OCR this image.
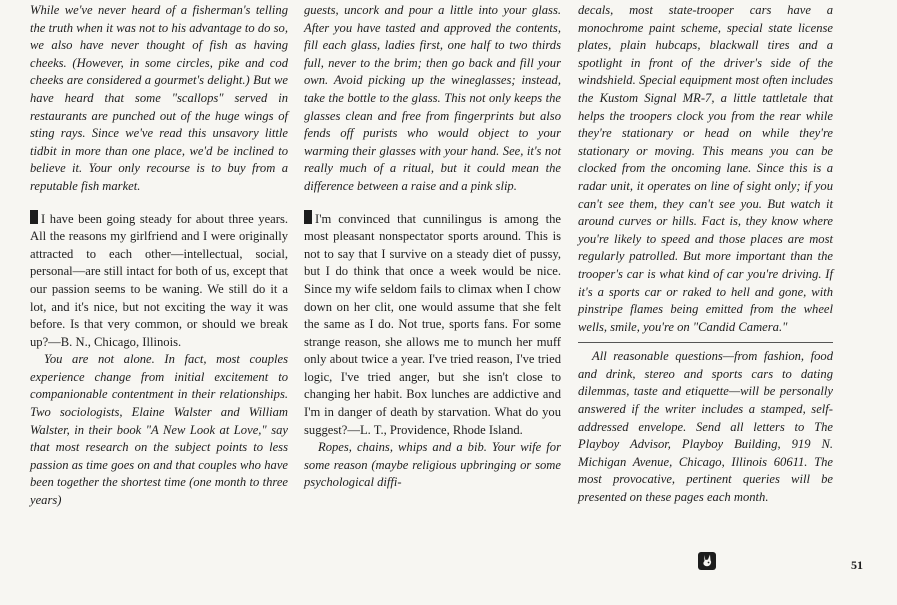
While we've never heard of a fisherman's telling the truth when it was not to his advantage to do so, we also have never thought of fish as having cheeks. (However, in some circles, pike and cod cheeks are considered a gourmet's delight.) But we have heard that some "scallops" served in restaurants are punched out of the huge wings of sting rays. Since we've read this unsavory little tidbit in more than one place, we'd be inclined to believe it. Your only recourse is to buy from a reputable fish market.

I have been going steady for about three years. All the reasons my girlfriend and I were originally attracted to each other—intellectual, social, personal—are still intact for both of us, except that our passion seems to be waning. We still do it a lot, and it's nice, but not exciting the way it was before. Is that very common, or should we break up?—B. N., Chicago, Illinois.

You are not alone. In fact, most couples experience change from initial excitement to companionable contentment in their relationships. Two sociologists, Elaine Walster and William Walster, in their book "A New Look at Love," say that most research on the subject points to less passion as time goes on and that couples who have been together the shortest time (one month to three years)

guests, uncork and pour a little into your glass. After you have tasted and approved the contents, fill each glass, ladies first, one half to two thirds full, never to the brim; then go back and fill your own. Avoid picking up the wineglasses; instead, take the bottle to the glass. This not only keeps the glasses clean and free from fingerprints but also fends off purists who would object to your warming their glasses with your hand. See, it's not really much of a ritual, but it could mean the difference between a raise and a pink slip.

I'm convinced that cunnilingus is among the most pleasant nonspectator sports around. This is not to say that I survive on a steady diet of pussy, but I do think that once a week would be nice. Since my wife seldom fails to climax when I chow down on her clit, one would assume that she felt the same as I do. Not true, sports fans. For some strange reason, she allows me to munch her muff only about twice a year. I've tried reason, I've tried logic, I've tried anger, but she isn't close to changing her habit. Box lunches are addictive and I'm in danger of death by starvation. What do you suggest?—L. T., Providence, Rhode Island.

Ropes, chains, whips and a bib. Your wife for some reason (maybe religious upbringing or some psychological diffi-

decals, most state-trooper cars have a monochrome paint scheme, special state license plates, plain hubcaps, blackwall tires and a spotlight in front of the driver's side of the windshield. Special equipment most often includes the Kustom Signal MR-7, a little tattletale that helps the troopers clock you from the rear while they're stationary or head on while they're stationary or moving. This means you can be clocked from the oncoming lane. Since this is a radar unit, it operates on line of sight only; if you can't see them, they can't see you. But watch it around curves or hills. Fact is, they know where you're likely to speed and those places are most regularly patrolled. But more important than the trooper's car is what kind of car you're driving. If it's a sports car or raked to hell and gone, with pinstripe flames being emitted from the wheel wells, smile, you're on "Candid Camera."

All reasonable questions—from fashion, food and drink, stereo and sports cars to dating dilemmas, taste and etiquette—will be personally answered if the writer includes a stamped, self-addressed envelope. Send all letters to The Playboy Advisor, Playboy Building, 919 N. Michigan Avenue, Chicago, Illinois 60611. The most provocative, pertinent queries will be presented on these pages each month.

51
